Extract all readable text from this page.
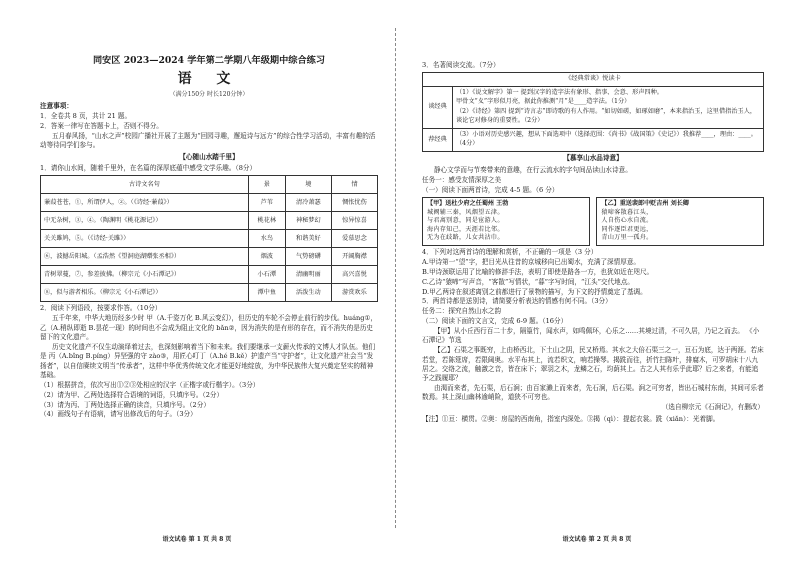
同安区 2023—2024 学年第二学期八年级期中综合练习
语 文
（满分150分 时长120分钟）
注意事项：

1．全卷共 8 页，共计 21 题。

2．答案一律写在答题卡上，否则不得分。

五月春风扬，“山水之声”校园广播社开展了主题为“回园寻趣，邂逅诗与远方”的综合性学习活动，丰富有趣的活动等待同学们参与。

【心随山水踏千里】

1．请你山水间，随着千里外，在名篇的深厚底蕴中感受文学乐趣。（8分）

古诗文名句	景	境	情
蒹葭苍苍，①，所谓伊人，②。（《诗经·蒹葭》）	芦苇	清冷萧瑟	惆怅忧伤
中无杂树，③，④。（陶渊明《桃花源记》）	桃花林	神秘梦幻	惊异惊喜
关关雎鸠，⑤。（《诗经·关雎》）	水鸟	和谐美好	爱慕思念
⑥，波撼岳阳城。（孟浩然《望洞庭湖赠张丞相》）	烟波	气势磅礴	开阔胸襟
青树翠蔓，⑦，参差披拂。（柳宗元《小石潭记》）	小石潭	清幽明丽	高兴喜悦
⑧，似与游者相乐。（柳宗元《小石潭记》）	潭中鱼	活泼生动	游赏欢乐

2．阅读下列语段，按要求作答。（10分）

五千年来，中华大地历经多少时 甲（A.千姿万化 B.风云变幻），但历史的车轮不会停止前行的步伐。huáng①，乙（A.稍纵即逝 B.昙花一现）的时间也不会成为阻止文化的 bǎn②，因为消失的是有形的存在，而不消失的是历史留下的文化遗产。

历史文化遗产不仅生动演绎着过去，也深刻影响着当下和未来。我们要继承一支薪火传承的文博人才队伍。他们是 丙（A.bǐng B.píng）异坚强的守 zào③，用匠心叮丁（A.hé B.kě）护遗产当“守护者”，让文化遗产社会当“发扬者”，以自信赓续文明当“传承者”，这样中华优秀传统文化才能更好地绽放，为中华民族伟大复兴奠定坚实的精神基础。

（1）根据拼音，依次写出①②③处相应的汉字（正楷字或行楷字）。（3分）

（2）请为甲、乙两处选择符合语境的词语，只填序号。（2分）

（3）请为丙、丁两处选择正确的读音，只填序号。（2分）

（4）画线句子有语病，请写出修改后的句子。（3分）

语文试卷 第 1 页 共 8 页

3．名著阅读交流。（7分）

《经典常谈》悦读卡	
谈经典	（1）《说文解字》第一 提到汉字的造字法有象形、指事、会意、形声四种。

甲骨文“夊”字形似月亮，据此你推测“月”是____造字法。（1分）

（2）《诗经》第四 提到“诗言志”即诗歌的有人作用。“如切如磋，如琢如磨”，本来指治玉，这里借指治玉人，谈论它对修身的重要性。（2分）

荐经典	（3）小语对历史感兴趣，想从下面选项中（选择范围：《尚书》《战国策》《史记》）我推荐____，理由：____。（4分）

【慕享山水品诗意】

静心文学而与节奏带来的意趣，在行云流水的字句间品读山水诗意。

任务一：感受友情深厚之美

（一）阅读下面两首诗，完成 4-5 题。（6 分）

【甲】送杜少府之任蜀州 王勃
城阙辅三秦，风烟望五津。
与君离别意，同是宦游人。
海内存知己，天涯若比邻。
无为在歧路，儿女共沾巾。
【乙】重送裴郎中贬吉州 刘长卿
猿啼客散暮江头，
人自伤心水自流。
同作逐臣君更远，
青山万里一孤舟。

4．下列对这两首诗的理解和赏析，不正确的一项是（3 分）

A.甲诗第一“望”字，把目光从往昔的京城移向已出蜀水，充满了深情厚意。

B.甲诗颈联运用了比喻的修辞手法，表明了即使是路各一方，也犹如近在咫尺。

C.乙诗“猿啼”写声音，“客散”写情状，“暮”字写时间，“江头”交代地点。

D.甲乙两诗在叙述离别之前都进行了景物的描写，为下文的抒情奠定了基调。

5．两首诗都是送别诗，请简要分析表达的情感有何不同。（3分）

任务二：探究自然山水之韵

（二）阅读下面的文言文，完成 6-9 题。（16分）

【甲】从小丘西行百二十步，隔篁竹，闻水声，如鸣佩环，心乐之……其境过清，不可久居，乃记之而去。 《小石潭记》节选

【乙】石渠之事既穷，上由桥西北，下土山之阴，民又桥焉。其水之大倍石渠三之一，亘石为底，达于两涯。若床若堂，若陈筵席，若限阃奥。水平布其上，流若织文，响若操琴。揭跣而往，折竹扫陈叶，排腐木，可罗胡床十八九居之。交络之流，触激之音，皆在床下；翠羽之木，龙鳞之石，均荫其上。古之人其有乐乎此耶？后之来者，有能追予之践履耶？

由渴而来者，先石渠，后石涧；由百家濑上而来者，先石涧，后石渠。涧之可穷者，皆出石城村东南，其间可乐者数焉。其上深山幽林逾峭险，道狭不可穷也。

（选自柳宗元《石涧记》，有删改）

【注】①亘：横贯。②奥：房屋的西南角，指室内深处。③揭（qì）：提起衣裳。跣（xiǎn）：光着脚。

语文试卷 第 2 页 共 8 页
